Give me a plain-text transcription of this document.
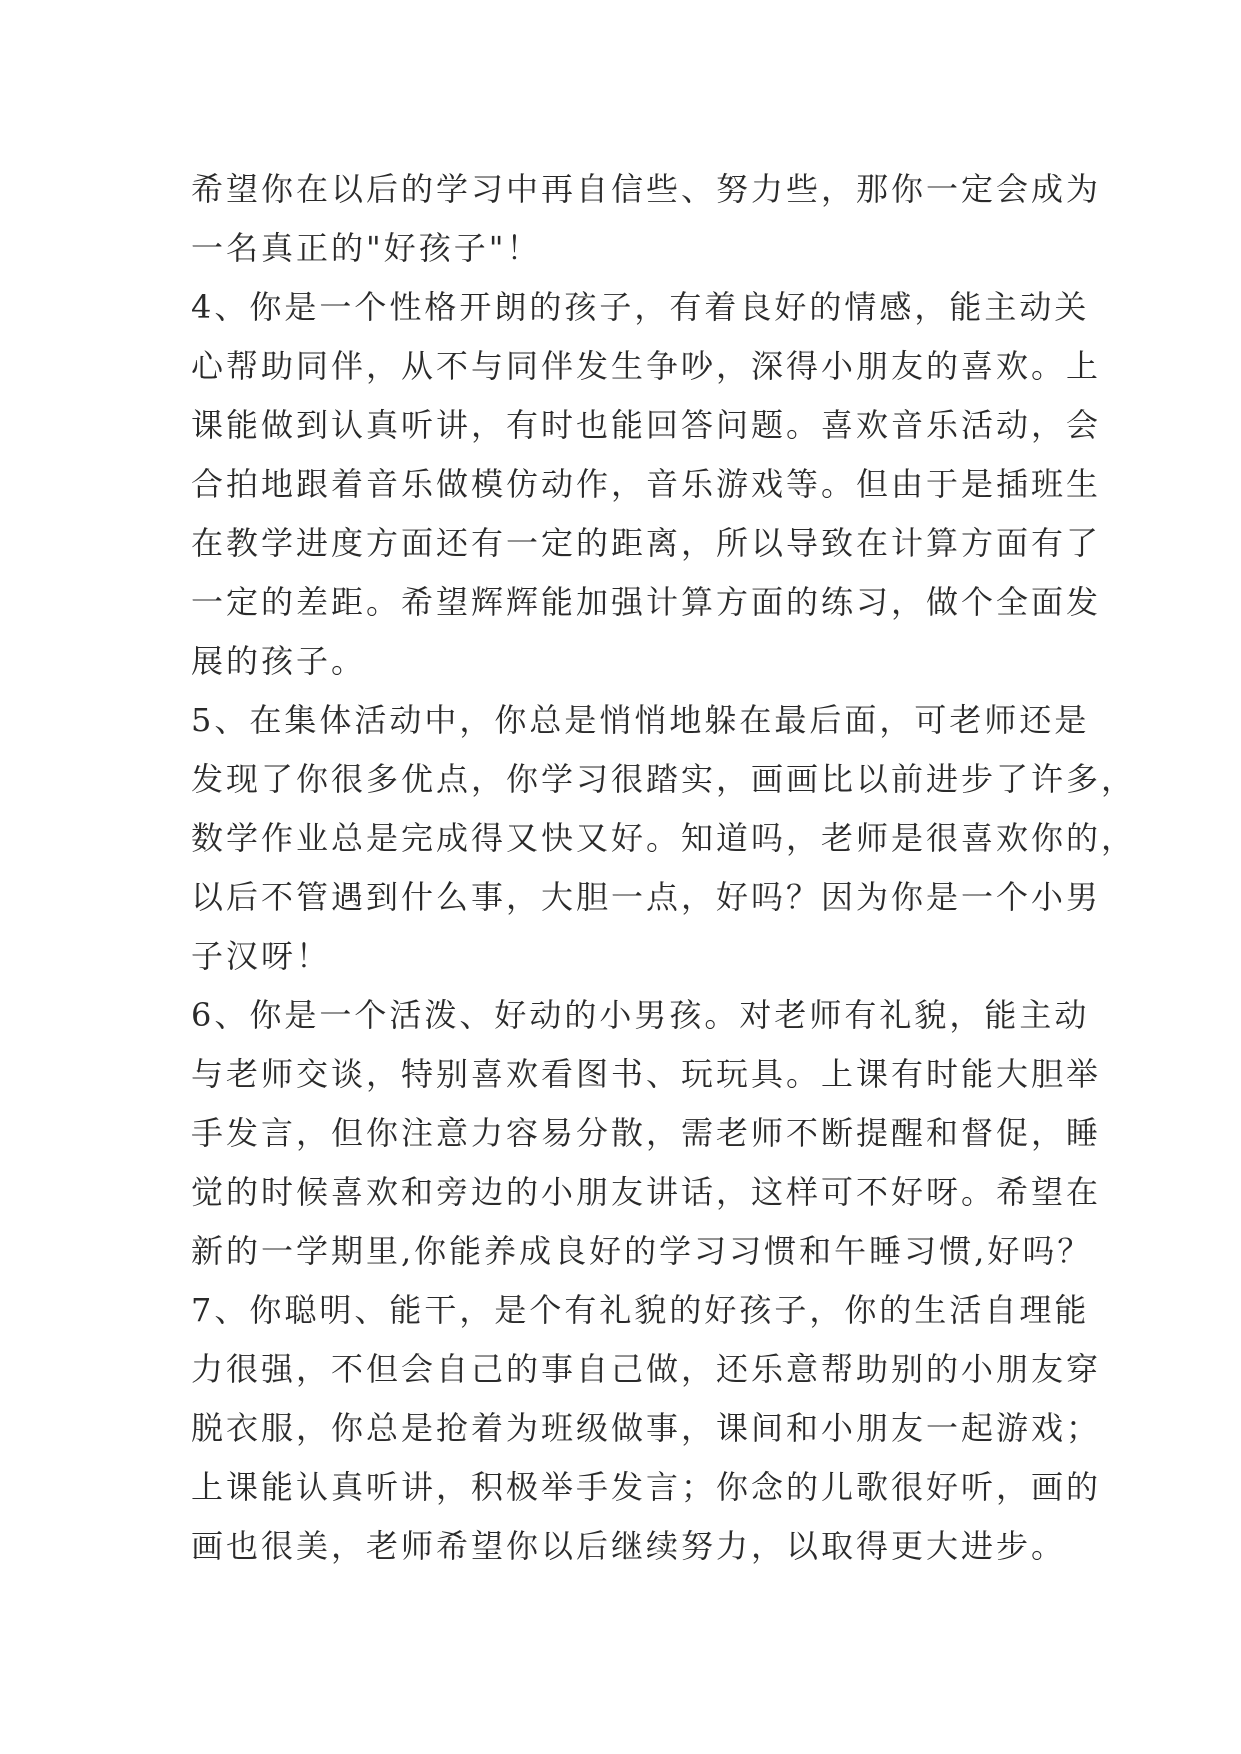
希望你在以后的学习中再自信些、努力些，那你一定会成为
一名真正的"好孩子"！
4、你是一个性格开朗的孩子，有着良好的情感，能主动关
心帮助同伴，从不与同伴发生争吵，深得小朋友的喜欢。上
课能做到认真听讲，有时也能回答问题。喜欢音乐活动，会
合拍地跟着音乐做模仿动作，音乐游戏等。但由于是插班生
在教学进度方面还有一定的距离，所以导致在计算方面有了
一定的差距。希望辉辉能加强计算方面的练习，做个全面发
展的孩子。
5、在集体活动中，你总是悄悄地躲在最后面，可老师还是
发现了你很多优点，你学习很踏实，画画比以前进步了许多，
数学作业总是完成得又快又好。知道吗，老师是很喜欢你的，
以后不管遇到什么事，大胆一点，好吗？因为你是一个小男
子汉呀！
6、你是一个活泼、好动的小男孩。对老师有礼貌，能主动
与老师交谈，特别喜欢看图书、玩玩具。上课有时能大胆举
手发言，但你注意力容易分散，需老师不断提醒和督促，睡
觉的时候喜欢和旁边的小朋友讲话，这样可不好呀。希望在
新的一学期里,你能养成良好的学习习惯和午睡习惯,好吗？
7、你聪明、能干，是个有礼貌的好孩子，你的生活自理能
力很强，不但会自己的事自己做，还乐意帮助别的小朋友穿
脱衣服，你总是抢着为班级做事，课间和小朋友一起游戏；
上课能认真听讲，积极举手发言；你念的儿歌很好听，画的
画也很美，老师希望你以后继续努力，以取得更大进步。
